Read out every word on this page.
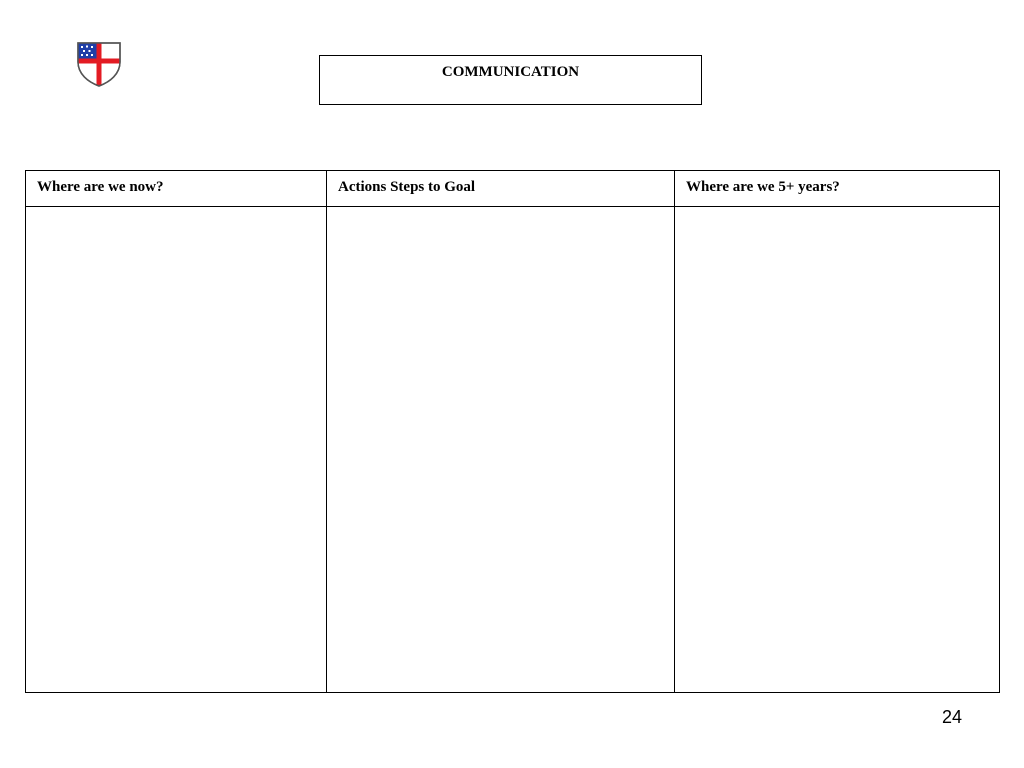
COMMUNICATION
Where are we now?	Actions Steps to Goal	Where are we 5+ years?

24
